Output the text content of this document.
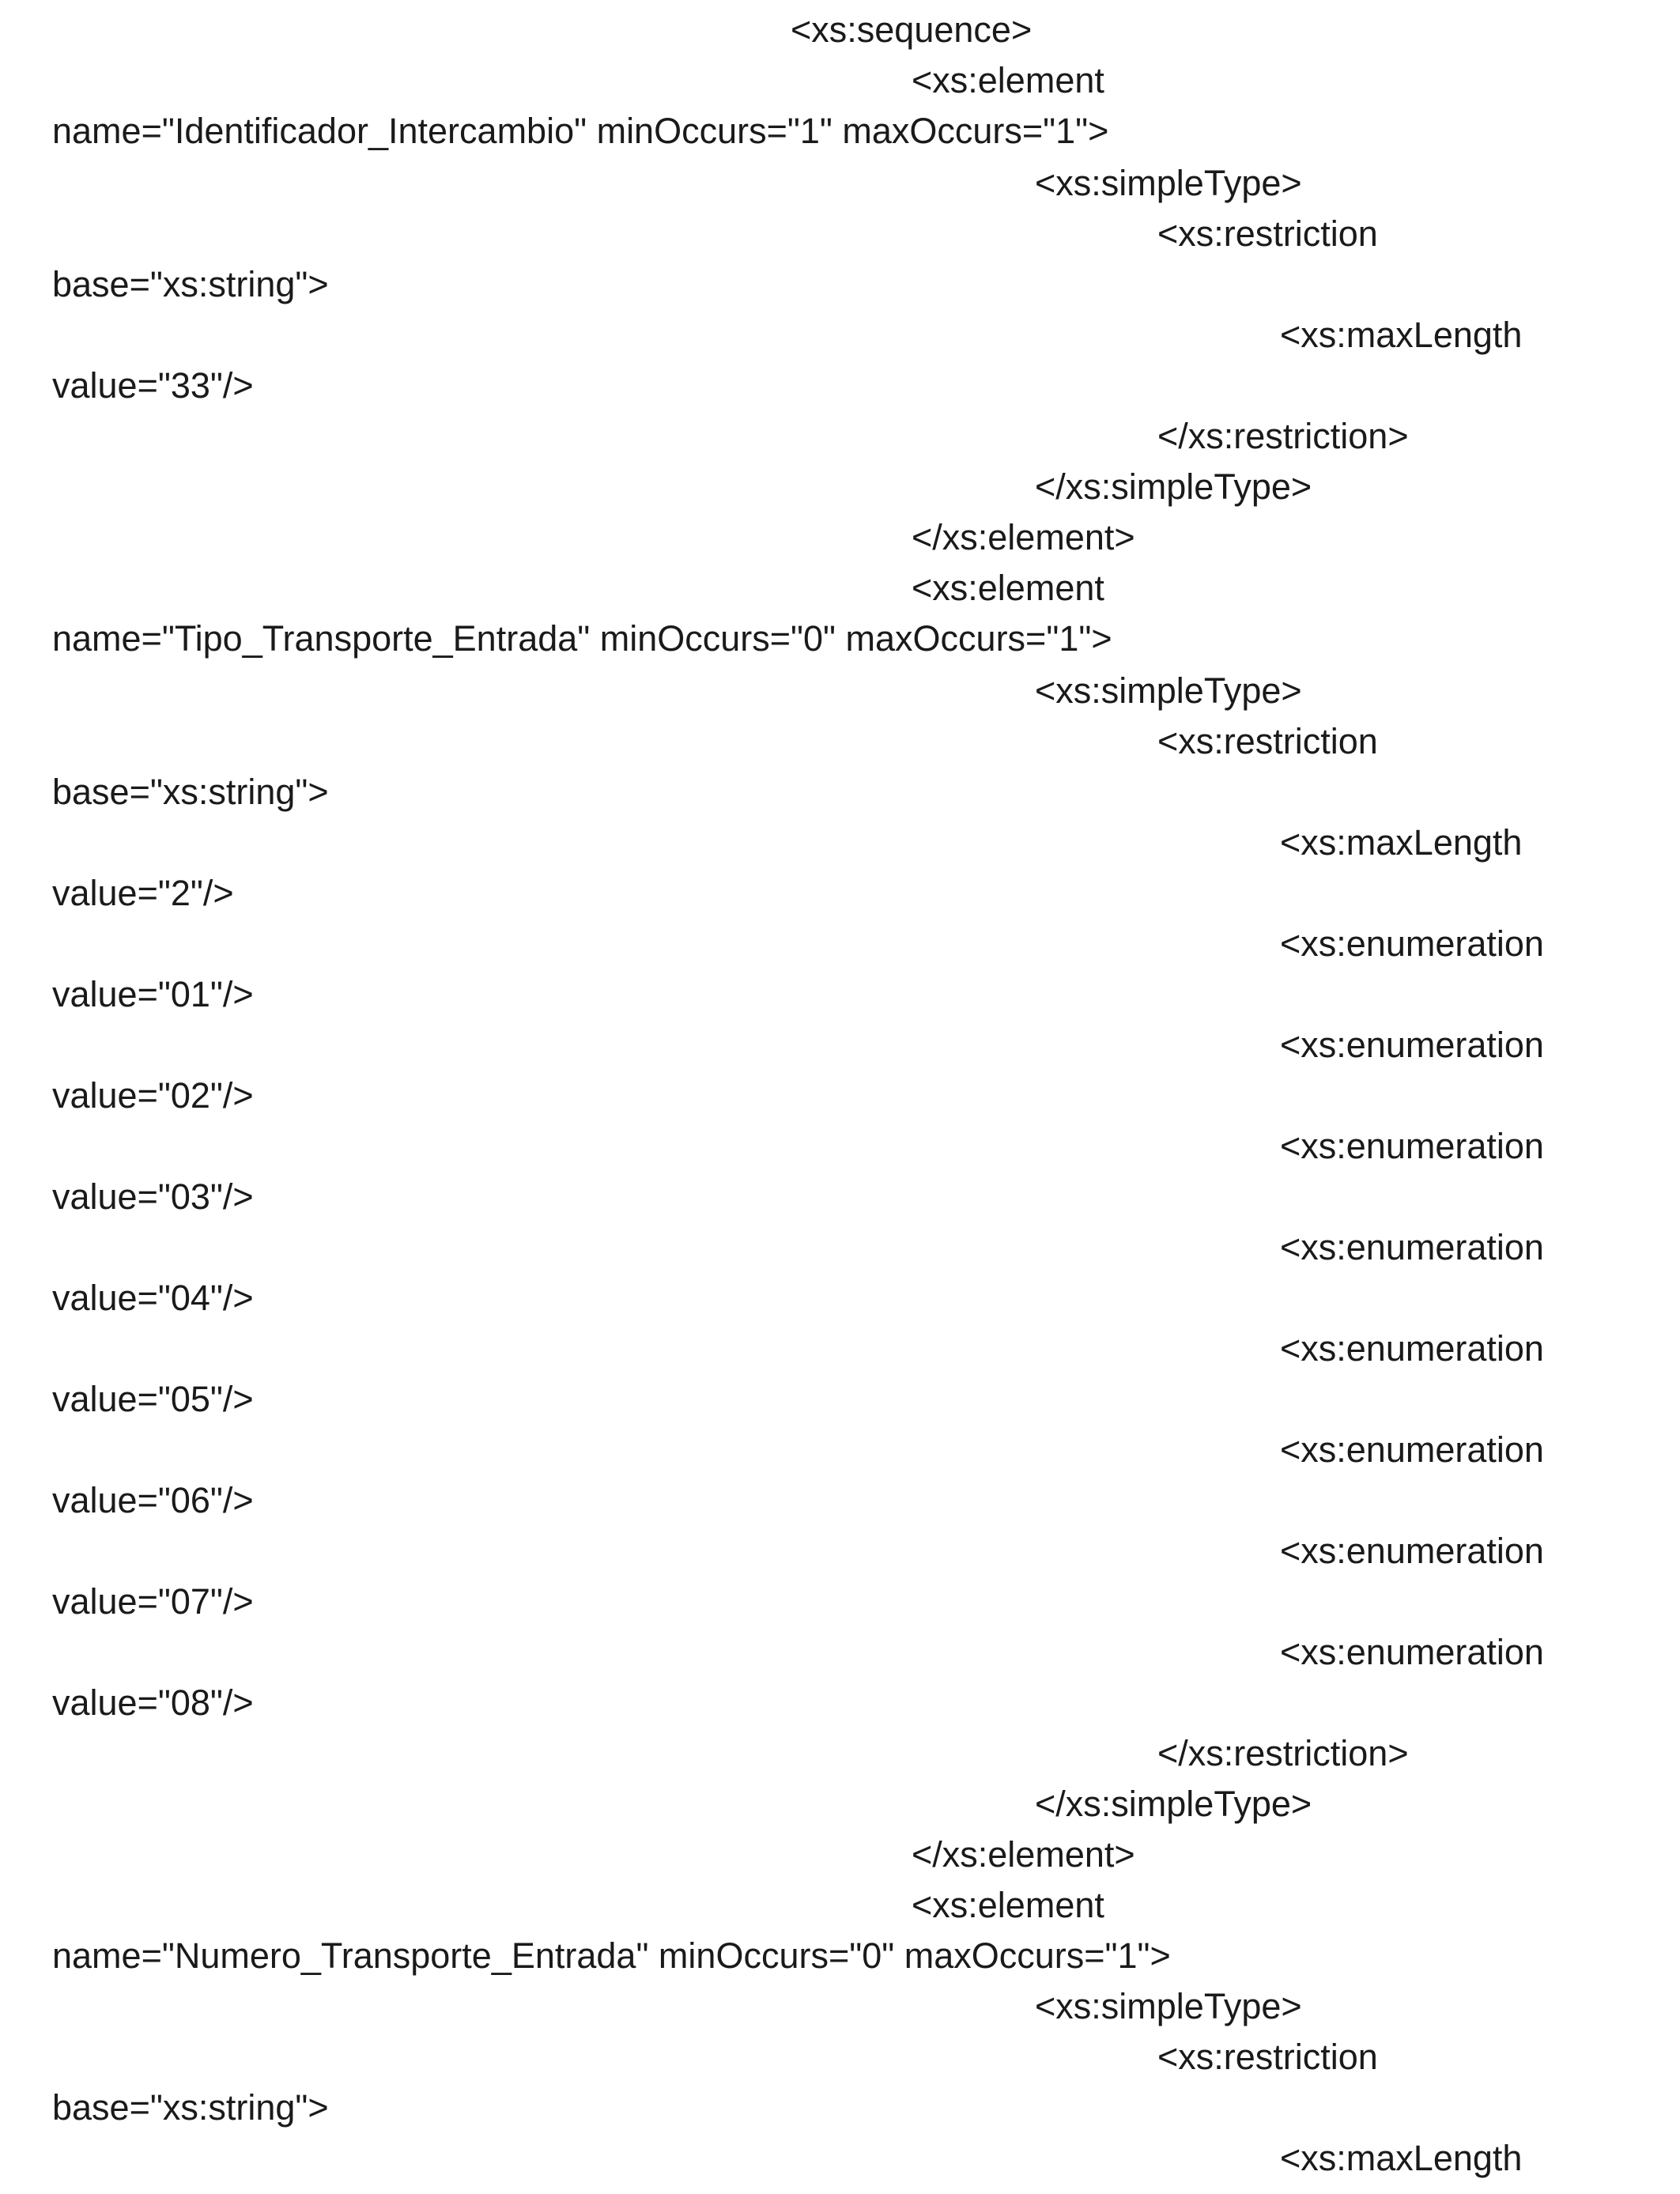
<xs:sequence>
<xs:element
name="Identificador_Intercambio" minOccurs="1" maxOccurs="1">
<xs:simpleType>
<xs:restriction
base="xs:string">
<xs:maxLength
value="33"/>
</xs:restriction>
</xs:simpleType>
</xs:element>
<xs:element
name="Tipo_Transporte_Entrada" minOccurs="0" maxOccurs="1">
<xs:simpleType>
<xs:restriction
base="xs:string">
<xs:maxLength
value="2"/>
<xs:enumeration
value="01"/>
<xs:enumeration
value="02"/>
<xs:enumeration
value="03"/>
<xs:enumeration
value="04"/>
<xs:enumeration
value="05"/>
<xs:enumeration
value="06"/>
<xs:enumeration
value="07"/>
<xs:enumeration
value="08"/>
</xs:restriction>
</xs:simpleType>
</xs:element>
<xs:element
name="Numero_Transporte_Entrada" minOccurs="0" maxOccurs="1">
<xs:simpleType>
<xs:restriction
base="xs:string">
<xs:maxLength
